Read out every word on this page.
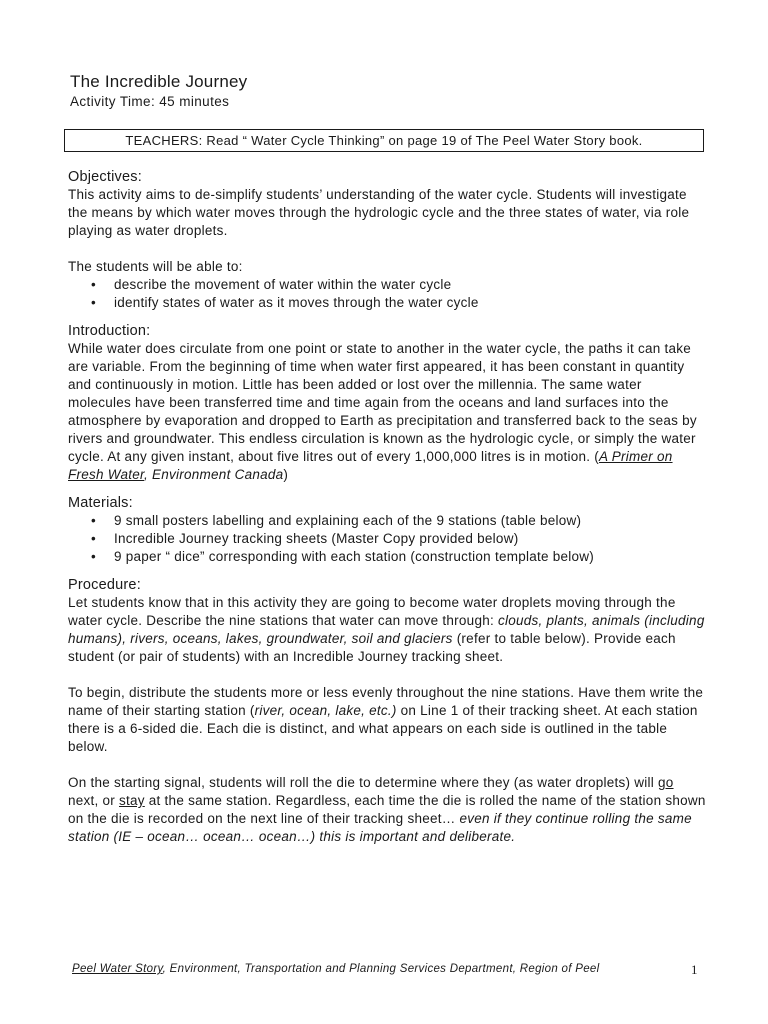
The Incredible Journey
Activity Time: 45 minutes
TEACHERS: Read “ Water Cycle Thinking” on page 19 of The Peel Water Story book.
Objectives:

This activity aims to de-simplify students’ understanding of the water cycle. Students will investigate the means by which water moves through the hydrologic cycle and the three states of water, via role playing as water droplets.

The students will be able to:

• describe the movement of water within the water cycle
• identify states of water as it moves through the water cycle
Introduction:

While water does circulate from one point or state to another in the water cycle, the paths it can take are variable. From the beginning of time when water first appeared, it has been constant in quantity and continuously in motion. Little has been added or lost over the millennia. The same water molecules have been transferred time and time again from the oceans and land surfaces into the atmosphere by evaporation and dropped to Earth as precipitation and transferred back to the seas by rivers and groundwater. This endless circulation is known as the hydrologic cycle, or simply the water cycle. At any given instant, about five litres out of every 1,000,000 litres is in motion. (A Primer on Fresh Water, Environment Canada)

Materials:
• 9 small posters labelling and explaining each of the 9 stations (table below)
• Incredible Journey tracking sheets (Master Copy provided below)
• 9 paper “ dice” corresponding with each station (construction template below)
Procedure:

Let students know that in this activity they are going to become water droplets moving through the water cycle. Describe the nine stations that water can move through: clouds, plants, animals (including humans), rivers, oceans, lakes, groundwater, soil and glaciers (refer to table below). Provide each student (or pair of students) with an Incredible Journey tracking sheet.

To begin, distribute the students more or less evenly throughout the nine stations. Have them write the name of their starting station (river, ocean, lake, etc.) on Line 1 of their tracking sheet. At each station there is a 6-sided die. Each die is distinct, and what appears on each side is outlined in the table below.

On the starting signal, students will roll the die to determine where they (as water droplets) will go next, or stay at the same station. Regardless, each time the die is rolled the name of the station shown on the die is recorded on the next line of their tracking sheet… even if they continue rolling the same station (IE – ocean… ocean… ocean…) this is important and deliberate.

Peel Water Story, Environment, Transportation and Planning Services Department, Region of Peel	1
